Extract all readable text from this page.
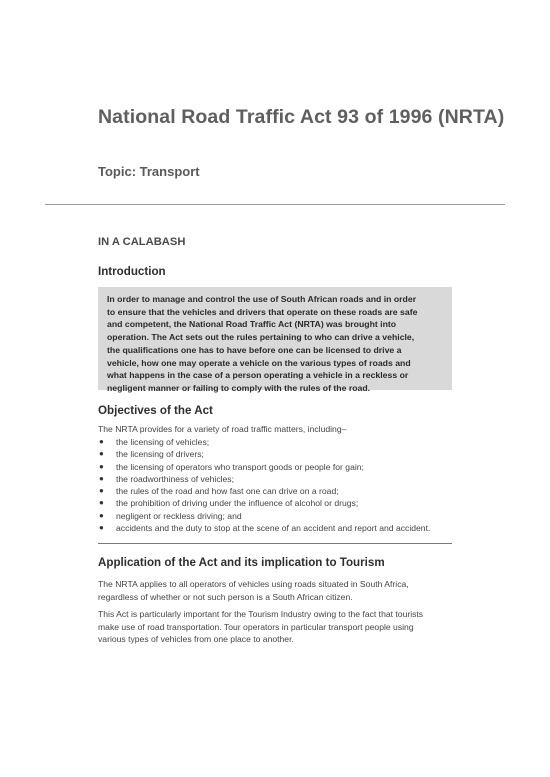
National Road Traffic Act 93 of 1996 (NRTA)
Topic: Transport
IN A CALABASH
Introduction
In order to manage and control the use of South African roads and in order
to ensure that the vehicles and drivers that operate on these roads are safe
and competent, the National Road Traffic Act (NRTA) was brought into
operation. The Act sets out the rules pertaining to who can drive a vehicle,
the qualifications one has to have before one can be licensed to drive a
vehicle, how one may operate a vehicle on the various types of roads and
what happens in the case of a person operating a vehicle in a reckless or
negligent manner or failing to comply with the rules of the road.
Objectives of the Act
The NRTA provides for a variety of road traffic matters, including–
● the licensing of vehicles;
● the licensing of drivers;
● the licensing of operators who transport goods or people for gain;
● the roadworthiness of vehicles;
● the rules of the road and how fast one can drive on a road;
● the prohibition of driving under the influence of alcohol or drugs;
● negligent or reckless driving; and
● accidents and the duty to stop at the scene of an accident and report and accident.
Application of the Act and its implication to Tourism
The NRTA applies to all operators of vehicles using roads situated in South Africa,
regardless of whether or not such person is a South African citizen.
This Act is particularly important for the Tourism Industry owing to the fact that tourists
make use of road transportation. Tour operators in particular transport people using
various types of vehicles from one place to another.
